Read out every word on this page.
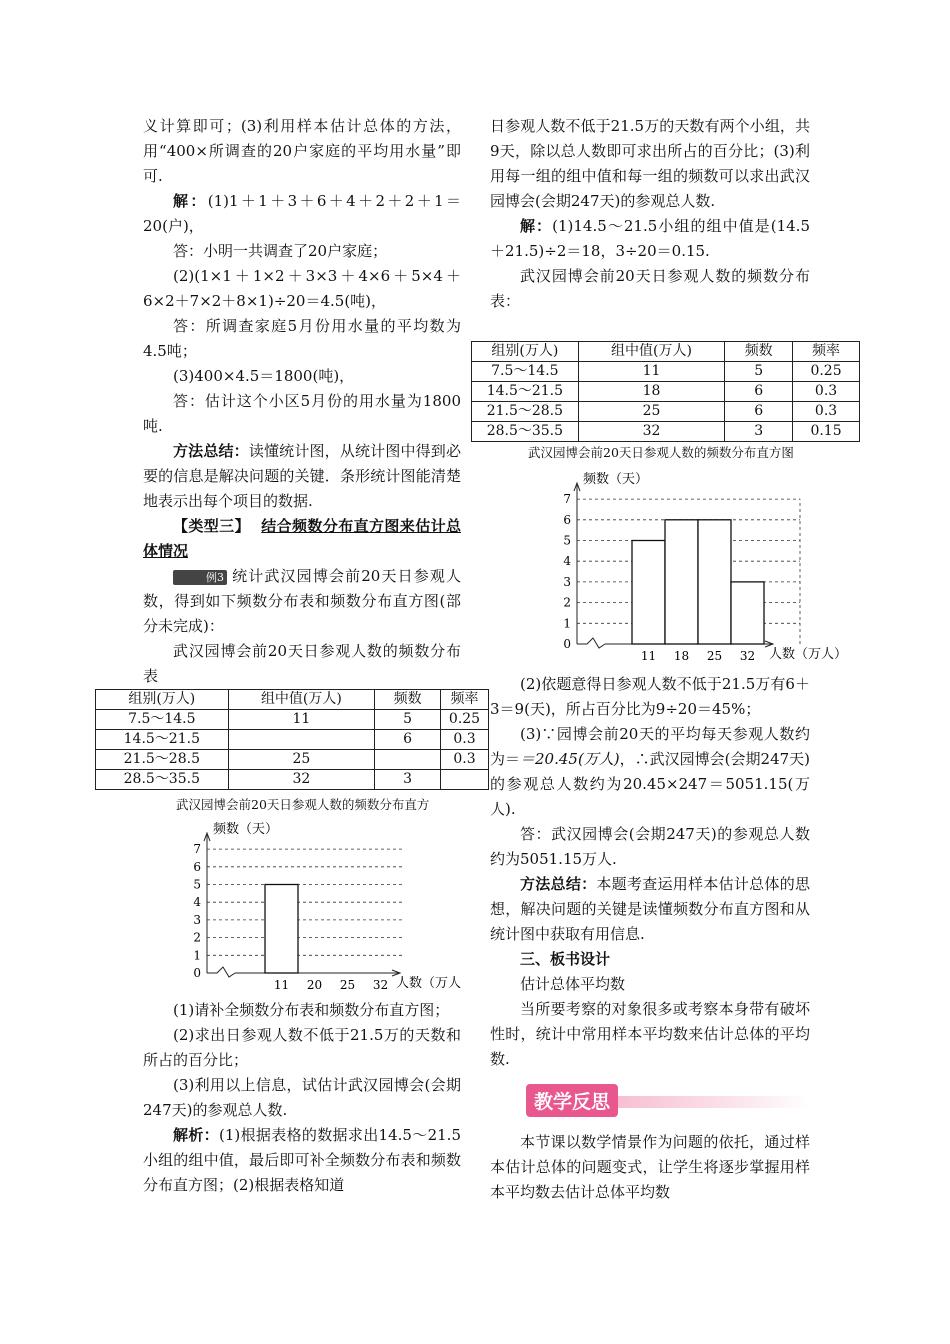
义计算即可；(3)利用样本估计总体的方法，用“400×所调查的20户家庭的平均用水量”即可.

解：(1)1＋1＋3＋6＋4＋2＋2＋1＝20(户)，

答：小明一共调查了20户家庭；

(2)(1×1＋1×2＋3×3＋4×6＋5×4＋6×2＋7×2＋8×1)÷20＝4.5(吨)，

答：所调查家庭5月份用水量的平均数为4.5吨；

(3)400×4.5＝1800(吨)，

答：估计这个小区5月份的用水量为1800吨.

方法总结：读懂统计图，从统计图中得到必要的信息是解决问题的关键．条形统计图能清楚地表示出每个项目的数据.

【类型三】 结合频数分布直方图来估计总体情况

例3 统计武汉园博会前20天日参观人数，得到如下频数分布表和频数分布直方图(部分未完成)：

武汉园博会前20天日参观人数的频数分布表

组别(万人)	组中值(万人)	频数	频率
7.5～14.5	11	5	0.25
14.5～21.5		6	0.3
21.5～28.5	25		0.3
28.5～35.5	32	3	
武汉园博会前20天日参观人数的频数分布直方
0
1
2
3
4
5
6
7
11 20 25 32
频数（天）
人数（万人

(1)请补全频数分布表和频数分布直方图；

(2)求出日参观人数不低于21.5万的天数和所占的百分比；

(3)利用以上信息，试估计武汉园博会(会期247天)的参观总人数.

解析：(1)根据表格的数据求出14.5～21.5小组的组中值，最后即可补全频数分布表和频数分布直方图；(2)根据表格知道

日参观人数不低于21.5万的天数有两个小组，共9天，除以总人数即可求出所占的百分比；(3)利用每一组的组中值和每一组的频数可以求出武汉园博会(会期247天)的参观总人数.

解：(1)14.5～21.5小组的组中值是(14.5＋21.5)÷2＝18，3÷20＝0.15.

武汉园博会前20天日参观人数的频数分布表：

组别(万人)	组中值(万人)	频数	频率
7.5～14.5	11	5	0.25
14.5～21.5	18	6	0.3
21.5～28.5	25	6	0.3
28.5～35.5	32	3	0.15
武汉园博会前20天日参观人数的频数分布直方图
0
1
2
3
4
5
6
7
11 18 25 32
频数（天）
人数（万人）

(2)依题意得日参观人数不低于21.5万有6＋3＝9(天)，所占百分比为9÷20＝45%；

(3)∵园博会前20天的平均每天参观人数约为＝＝20.45(万人)，∴武汉园博会(会期247天)的参观总人数约为20.45×247＝5051.15(万人).

答：武汉园博会(会期247天)的参观总人数约为5051.15万人.

方法总结：本题考查运用样本估计总体的思想，解决问题的关键是读懂频数分布直方图和从统计图中获取有用信息.

三、板书设计

估计总体平均数

当所要考察的对象很多或考察本身带有破坏性时，统计中常用样本平均数来估计总体的平均数.

教学反思

本节课以数学情景作为问题的依托，通过样本估计总体的问题变式，让学生将逐步掌握用样本平均数去估计总体平均数
